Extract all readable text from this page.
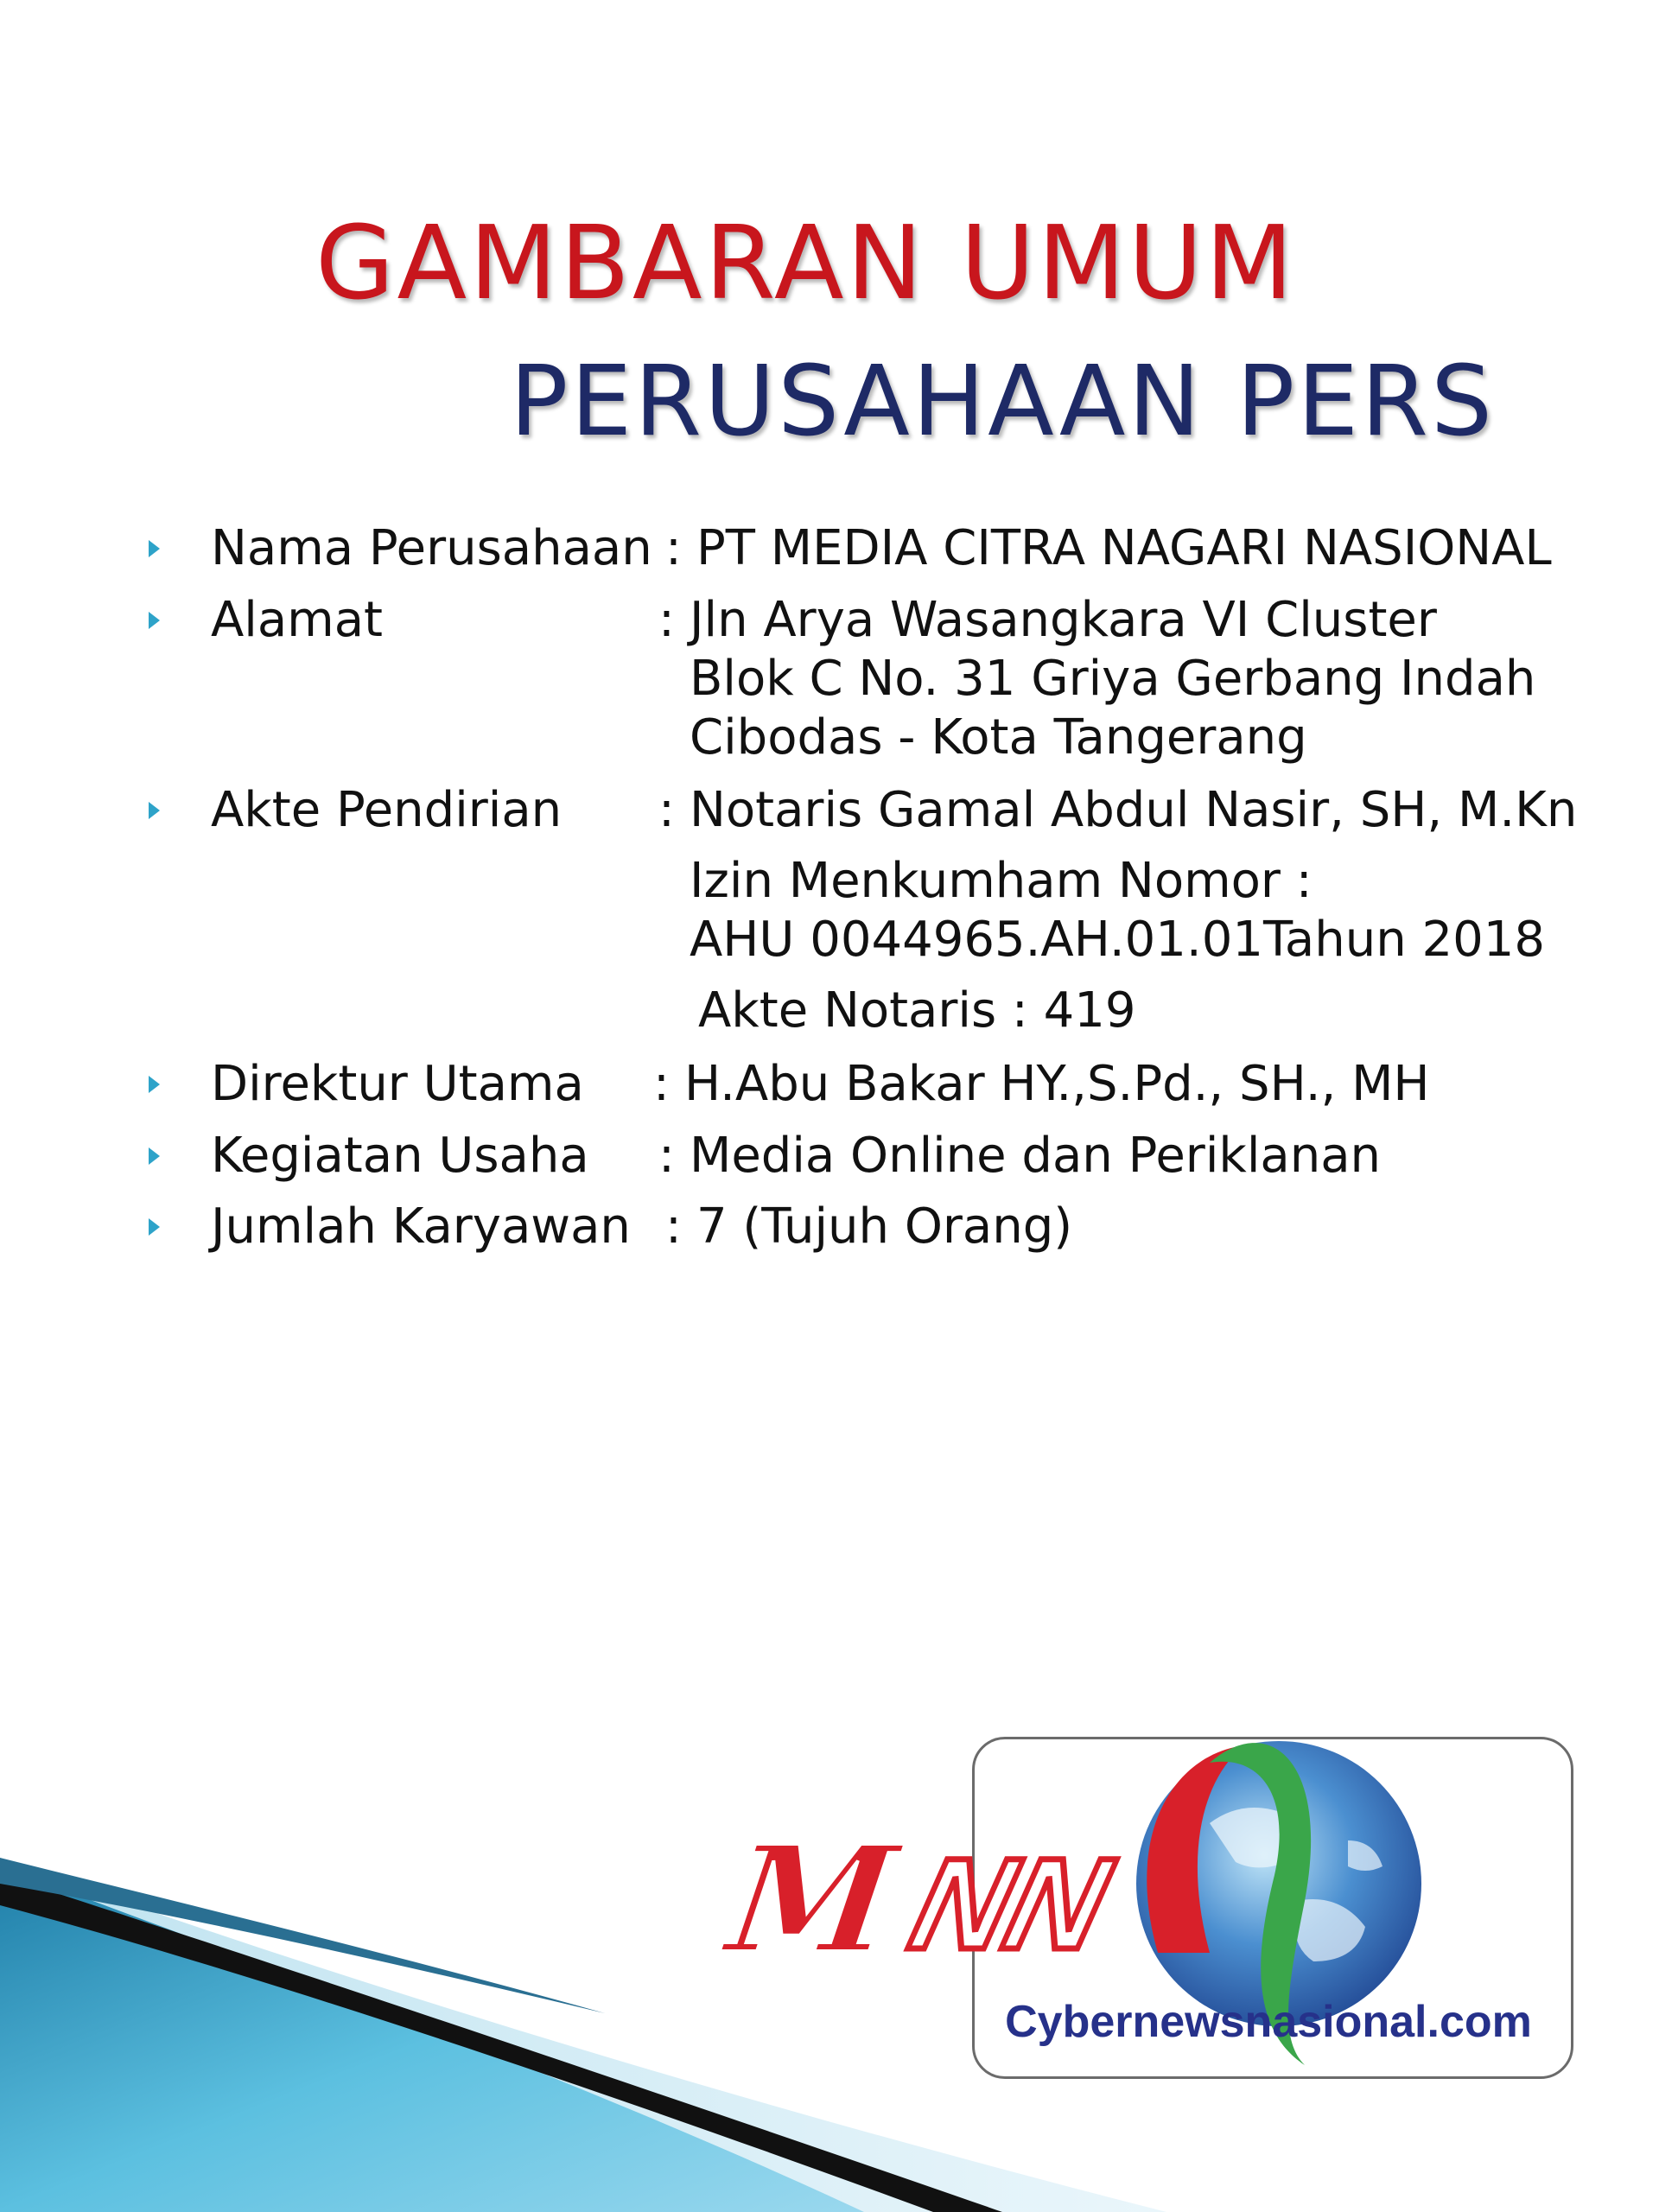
GAMBARAN UMUM
PERUSAHAAN PERS
Nama Perusahaan : PT MEDIA CITRA NAGARI NASIONAL
Alamat	: Jln Arya Wasangkara VI Cluster
Blok C No. 31 Griya Gerbang Indah
Cibodas - Kota Tangerang
Akte Pendirian : Notaris Gamal Abdul Nasir, SH, M.Kn
Izin Menkumham Nomor :
AHU 0044965.AH.01.01Tahun 2018
Akte Notaris : 419
Direktur Utama : H.Abu Bakar HY.,S.Pd., SH., MH
Kegiatan Usaha : Media Online dan Periklanan
Jumlah Karyawan : 7 (Tujuh Orang)
M
NN
Cybernewsnasional.com
